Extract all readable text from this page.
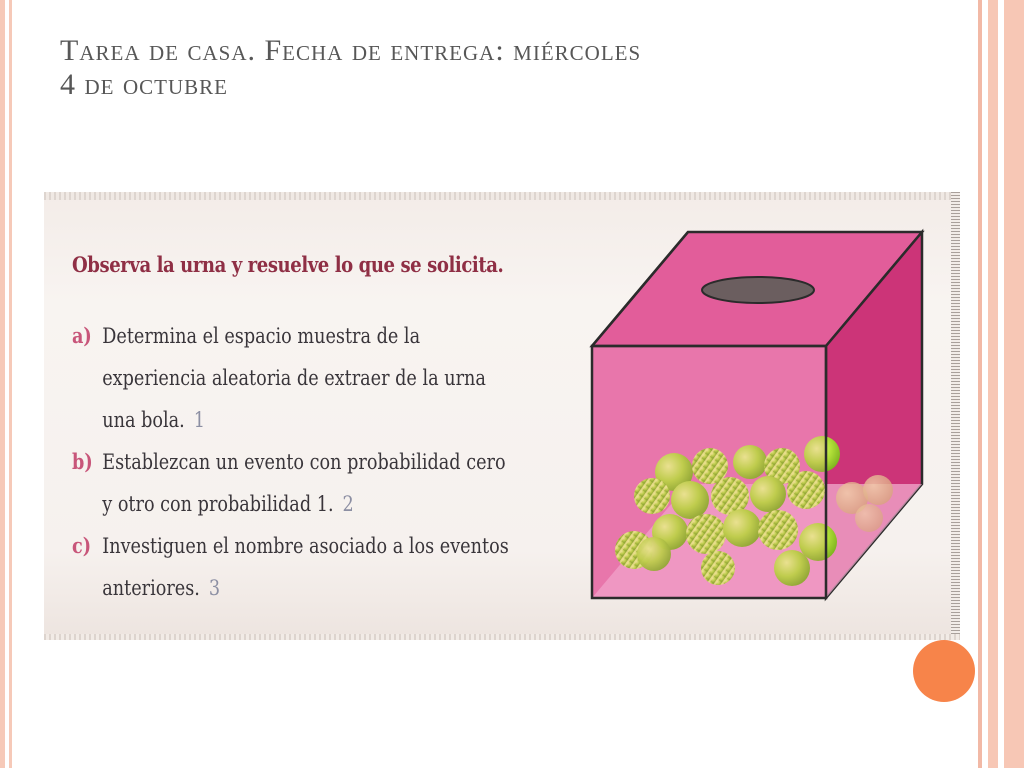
Tarea de casa. Fecha de entrega: miércoles
4 de octubre
Observa la urna y resuelve lo que se solicita.
a) Determina el espacio muestra de la
experiencia aleatoria de extraer de la urna
una bola. 1
b) Establezcan un evento con probabilidad cero
y otro con probabilidad 1. 2
c) Investiguen el nombre asociado a los eventos
anteriores. 3
